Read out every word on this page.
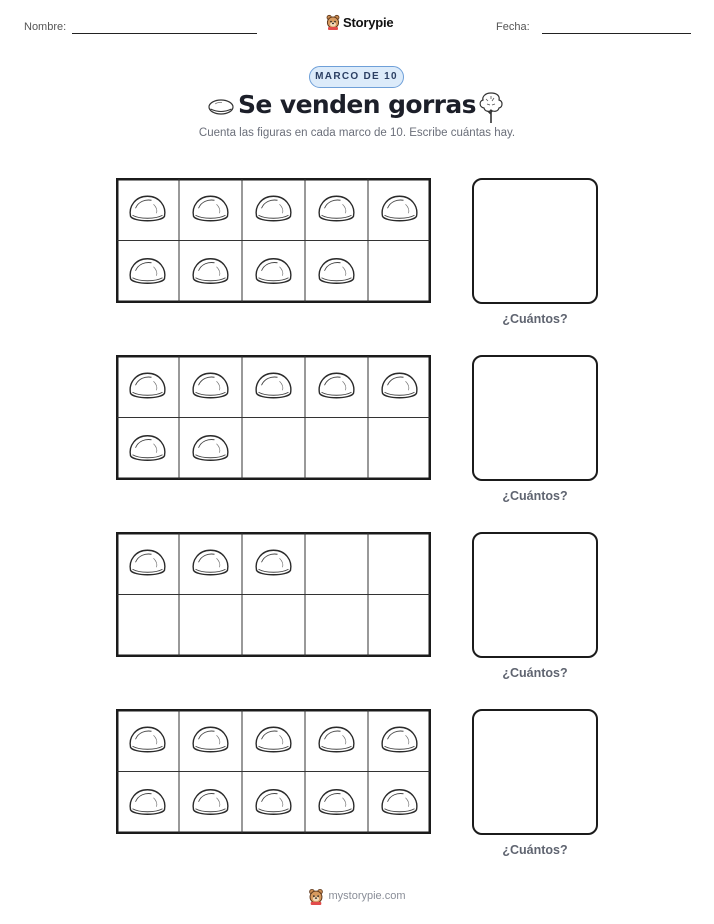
Nombre:	Storypie	Fecha:
MARCO DE 10
Se venden gorras
Cuenta las figuras en cada marco de 10. Escribe cuántas hay.
¿Cuántos?
¿Cuántos?
¿Cuántos?
¿Cuántos?
mystorypie.com
